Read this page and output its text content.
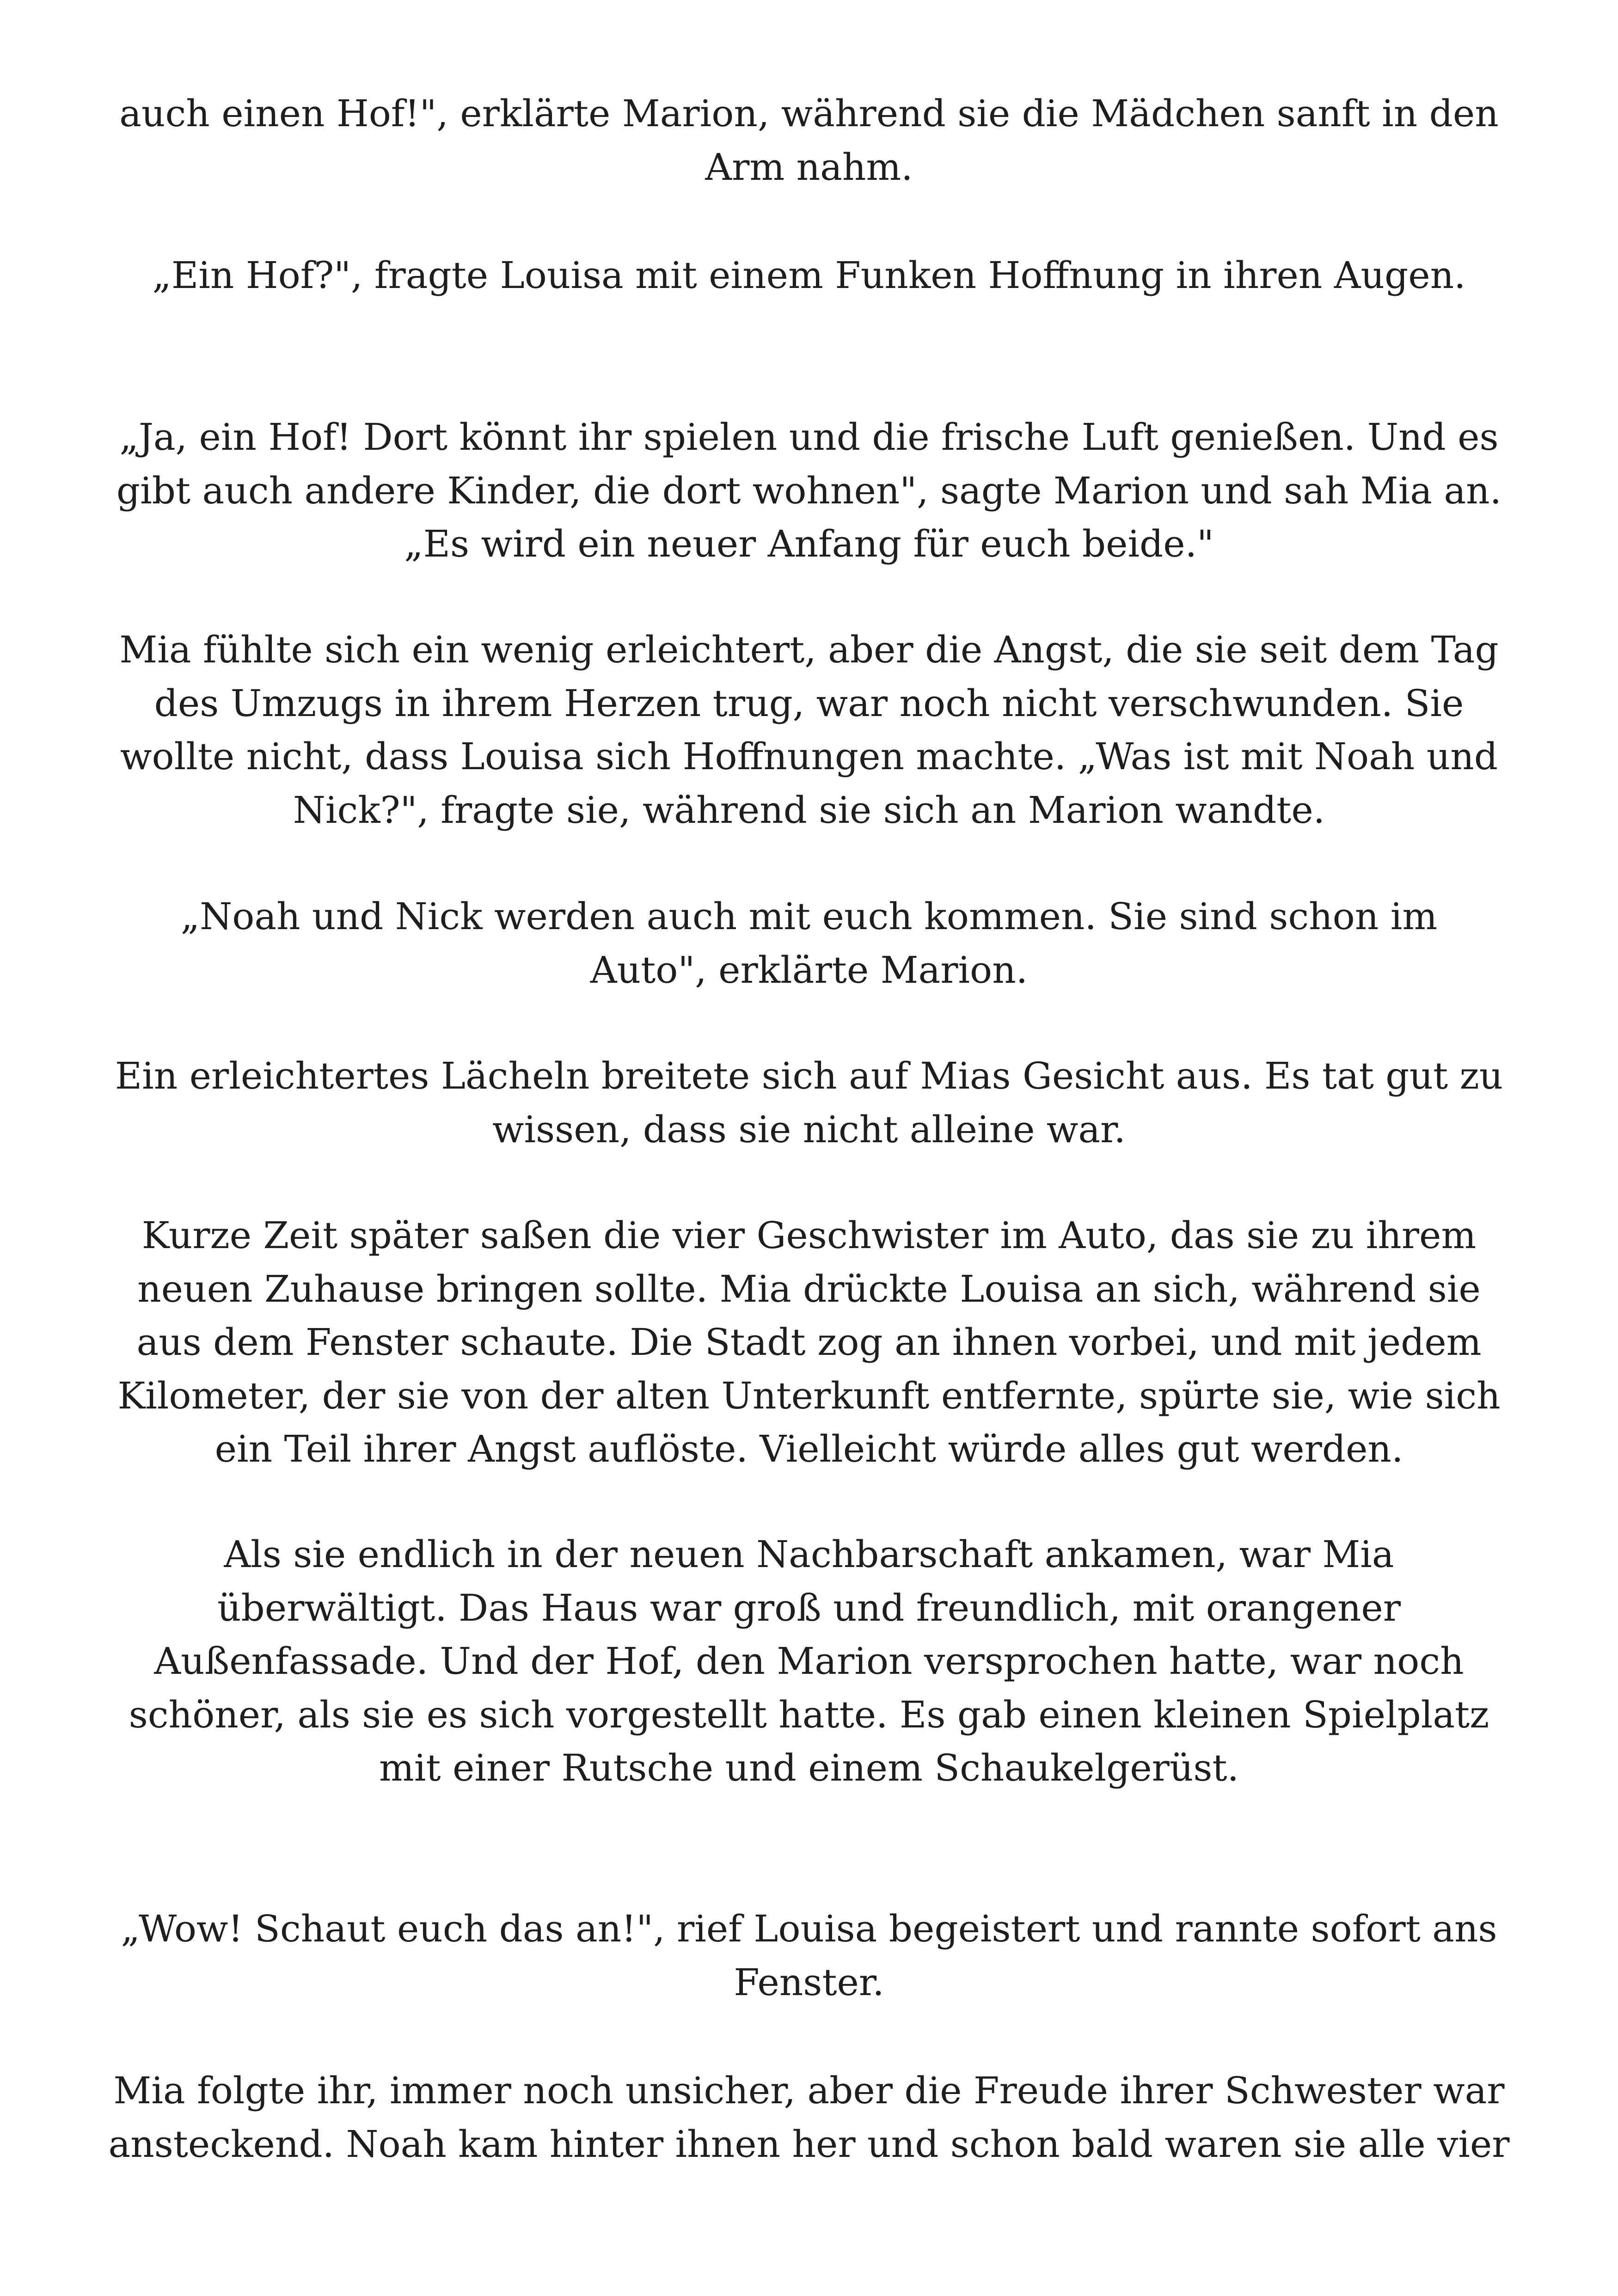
auch einen Hof!", erklärte Marion, während sie die Mädchen sanft in den
Arm nahm.

„Ein Hof?", fragte Louisa mit einem Funken Hoffnung in ihren Augen.

„Ja, ein Hof! Dort könnt ihr spielen und die frische Luft genießen. Und es
gibt auch andere Kinder, die dort wohnen", sagte Marion und sah Mia an.
„Es wird ein neuer Anfang für euch beide."

Mia fühlte sich ein wenig erleichtert, aber die Angst, die sie seit dem Tag
des Umzugs in ihrem Herzen trug, war noch nicht verschwunden. Sie
wollte nicht, dass Louisa sich Hoffnungen machte. „Was ist mit Noah und
Nick?", fragte sie, während sie sich an Marion wandte.

„Noah und Nick werden auch mit euch kommen. Sie sind schon im
Auto", erklärte Marion.

Ein erleichtertes Lächeln breitete sich auf Mias Gesicht aus. Es tat gut zu
wissen, dass sie nicht alleine war.

Kurze Zeit später saßen die vier Geschwister im Auto, das sie zu ihrem
neuen Zuhause bringen sollte. Mia drückte Louisa an sich, während sie
aus dem Fenster schaute. Die Stadt zog an ihnen vorbei, und mit jedem
Kilometer, der sie von der alten Unterkunft entfernte, spürte sie, wie sich
ein Teil ihrer Angst auflöste. Vielleicht würde alles gut werden.

Als sie endlich in der neuen Nachbarschaft ankamen, war Mia
überwältigt. Das Haus war groß und freundlich, mit orangener
Außenfassade. Und der Hof, den Marion versprochen hatte, war noch
schöner, als sie es sich vorgestellt hatte. Es gab einen kleinen Spielplatz
mit einer Rutsche und einem Schaukelgerüst.

„Wow! Schaut euch das an!", rief Louisa begeistert und rannte sofort ans
Fenster.

Mia folgte ihr, immer noch unsicher, aber die Freude ihrer Schwester war
ansteckend. Noah kam hinter ihnen her und schon bald waren sie alle vier
